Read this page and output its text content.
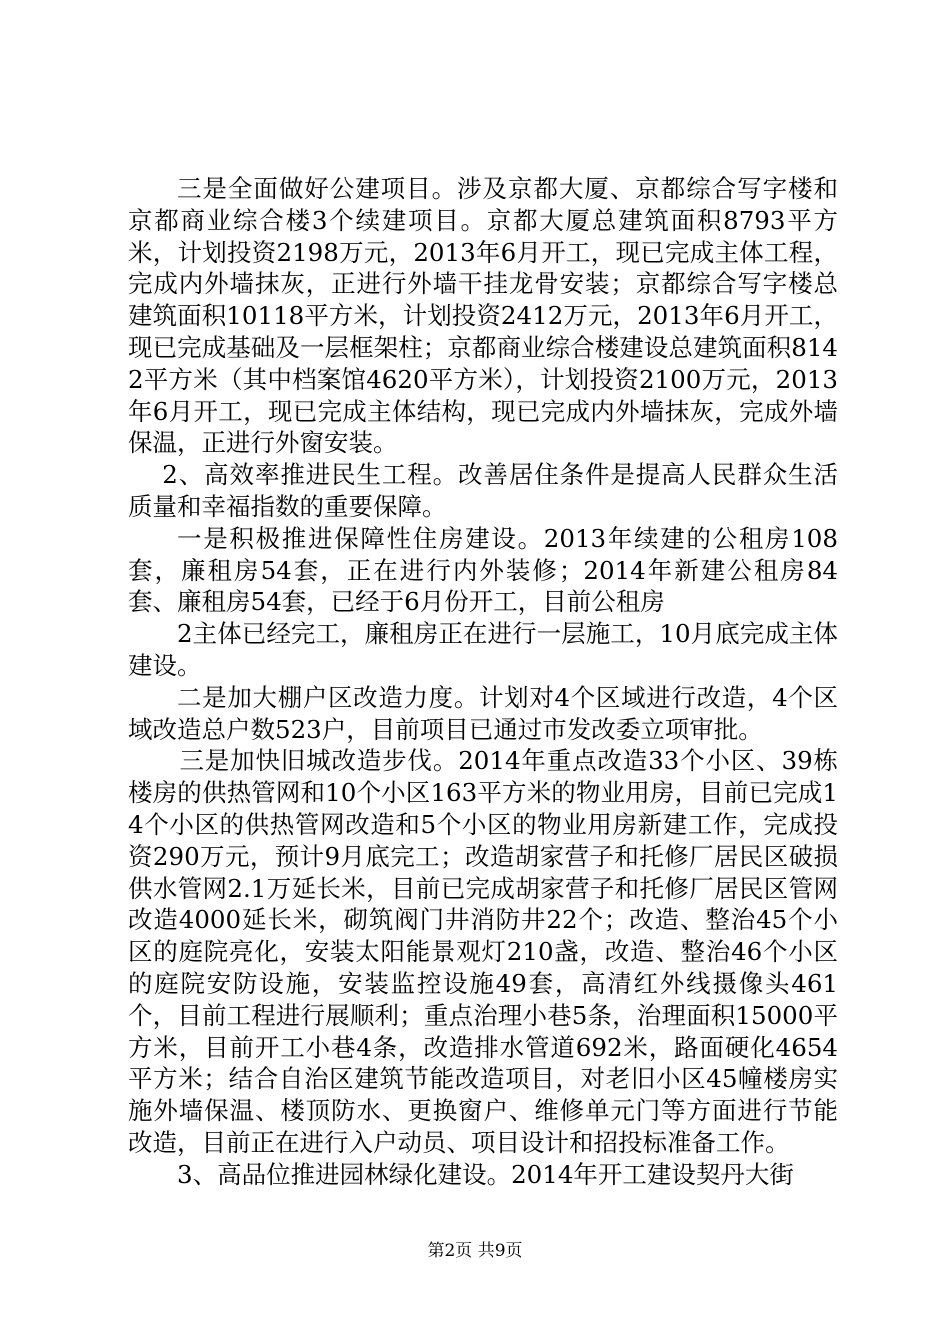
三是全面做好公建项目。涉及京都大厦、京都综合写字楼和京都商业综合楼3个续建项目。京都大厦总建筑面积8793平方米，计划投资2198万元，2013年6月开工，现已完成主体工程，完成内外墙抹灰，正进行外墙干挂龙骨安装；京都综合写字楼总建筑面积10118平方米，计划投资2412万元，2013年6月开工，现已完成基础及一层框架柱；京都商业综合楼建设总建筑面积8142平方米（其中档案馆4620平方米），计划投资2100万元，2013年6月开工，现已完成主体结构，现已完成内外墙抹灰，完成外墙保温，正进行外窗安装。

2、高效率推进民生工程。改善居住条件是提高人民群众生活质量和幸福指数的重要保障。

一是积极推进保障性住房建设。2013年续建的公租房108套，廉租房54套，正在进行内外装修；2014年新建公租房84套、廉租房54套，已经于6月份开工，目前公租房

2主体已经完工，廉租房正在进行一层施工，10月底完成主体建设。

二是加大棚户区改造力度。计划对4个区域进行改造，4个区域改造总户数523户，目前项目已通过市发改委立项审批。

三是加快旧城改造步伐。2014年重点改造33个小区、39栋楼房的供热管网和10个小区163平方米的物业用房，目前已完成14个小区的供热管网改造和5个小区的物业用房新建工作，完成投资290万元，预计9月底完工；改造胡家营子和托修厂居民区破损供水管网2.1万延长米，目前已完成胡家营子和托修厂居民区管网改造4000延长米，砌筑阀门井消防井22个；改造、整治45个小区的庭院亮化，安装太阳能景观灯210盏，改造、整治46个小区的庭院安防设施，安装监控设施49套，高清红外线摄像头461个，目前工程进行展顺利；重点治理小巷5条，治理面积15000平方米，目前开工小巷4条，改造排水管道692米，路面硬化4654平方米；结合自治区建筑节能改造项目，对老旧小区45幢楼房实施外墙保温、楼顶防水、更换窗户、维修单元门等方面进行节能改造，目前正在进行入户动员、项目设计和招投标准备工作。

3、高品位推进园林绿化建设。2014年开工建设契丹大街

第2页 共9页
